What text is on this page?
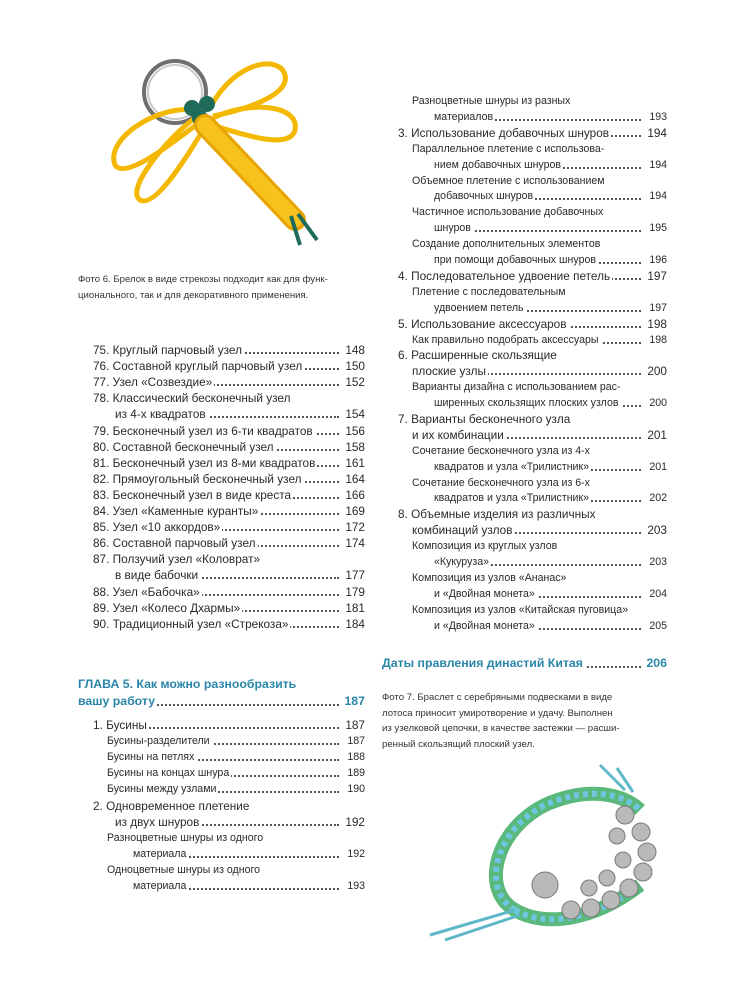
Фото 6. Брелок в виде стрекозы подходит как для функ-
ционального, так и для декоративного применения.

75. Круглый парчовый узел	148
76. Составной круглый парчовый узел	150
77. Узел «Созвездие»	152
78. Классический бесконечный узел
из 4-х квадратов	154
79. Бесконечный узел из 6-ти квадратов	156
80. Составной бесконечный узел	158
81. Бесконечный узел из 8-ми квадратов	161
82. Прямоугольный бесконечный узел	164
83. Бесконечный узел в виде креста	166
84. Узел «Каменные куранты»	169
85. Узел «10 аккордов»	172
86. Составной парчовый узел	174
87. Ползучий узел «Коловрат»
в виде бабочки	177
88. Узел «Бабочка»	179
89. Узел «Колесо Дхармы»	181
90. Традиционный узел «Стрекоза»	184
ГЛАВА 5. Как можно разнообразить
вашу работу	187
1. Бусины	187
Бусины-разделители	187
Бусины на петлях	188
Бусины на концах шнура	189
Бусины между узлами	190
2. Одновременное плетение
из двух шнуров	192
Разноцветные шнуры из одного
материала	192
Одноцветные шнуры из одного
материала	193
Разноцветные шнуры из разных
материалов	193
3. Использование добавочных шнуров	194
Параллельное плетение с использова-
нием добавочных шнуров	194
Объемное плетение с использованием
добавочных шнуров	194
Частичное использование добавочных
шнуров	195
Создание дополнительных элементов
при помощи добавочных шнуров	196
4. Последовательное удвоение петель	197
Плетение с последовательным
удвоением петель	197
5. Использование аксессуаров	198
Как правильно подобрать аксессуары	198
6. Расширенные скользящие
плоские узлы	200
Варианты дизайна с использованием рас-
ширенных скользящих плоских узлов	200
7. Варианты бесконечного узла
и их комбинации	201
Сочетание бесконечного узла из 4-х
квадратов и узла «Трилистник»	201
Сочетание бесконечного узла из 6-х
квадратов и узла «Трилистник»	202
8. Объемные изделия из различных
комбинаций узлов	203
Композиция из круглых узлов
«Кукуруза»	203
Композиция из узлов «Ананас»
и «Двойная монета»	204
Композиция из узлов «Китайская пуговица»
и «Двойная монета»	205
Даты правления династий Китая	206

Фото 7. Браслет с серебряными подвесками в виде
лотоса приносит умиротворение и удачу. Выполнен
из узелковой цепочки, в качестве застежки — расши-
ренный скользящий плоский узел.
